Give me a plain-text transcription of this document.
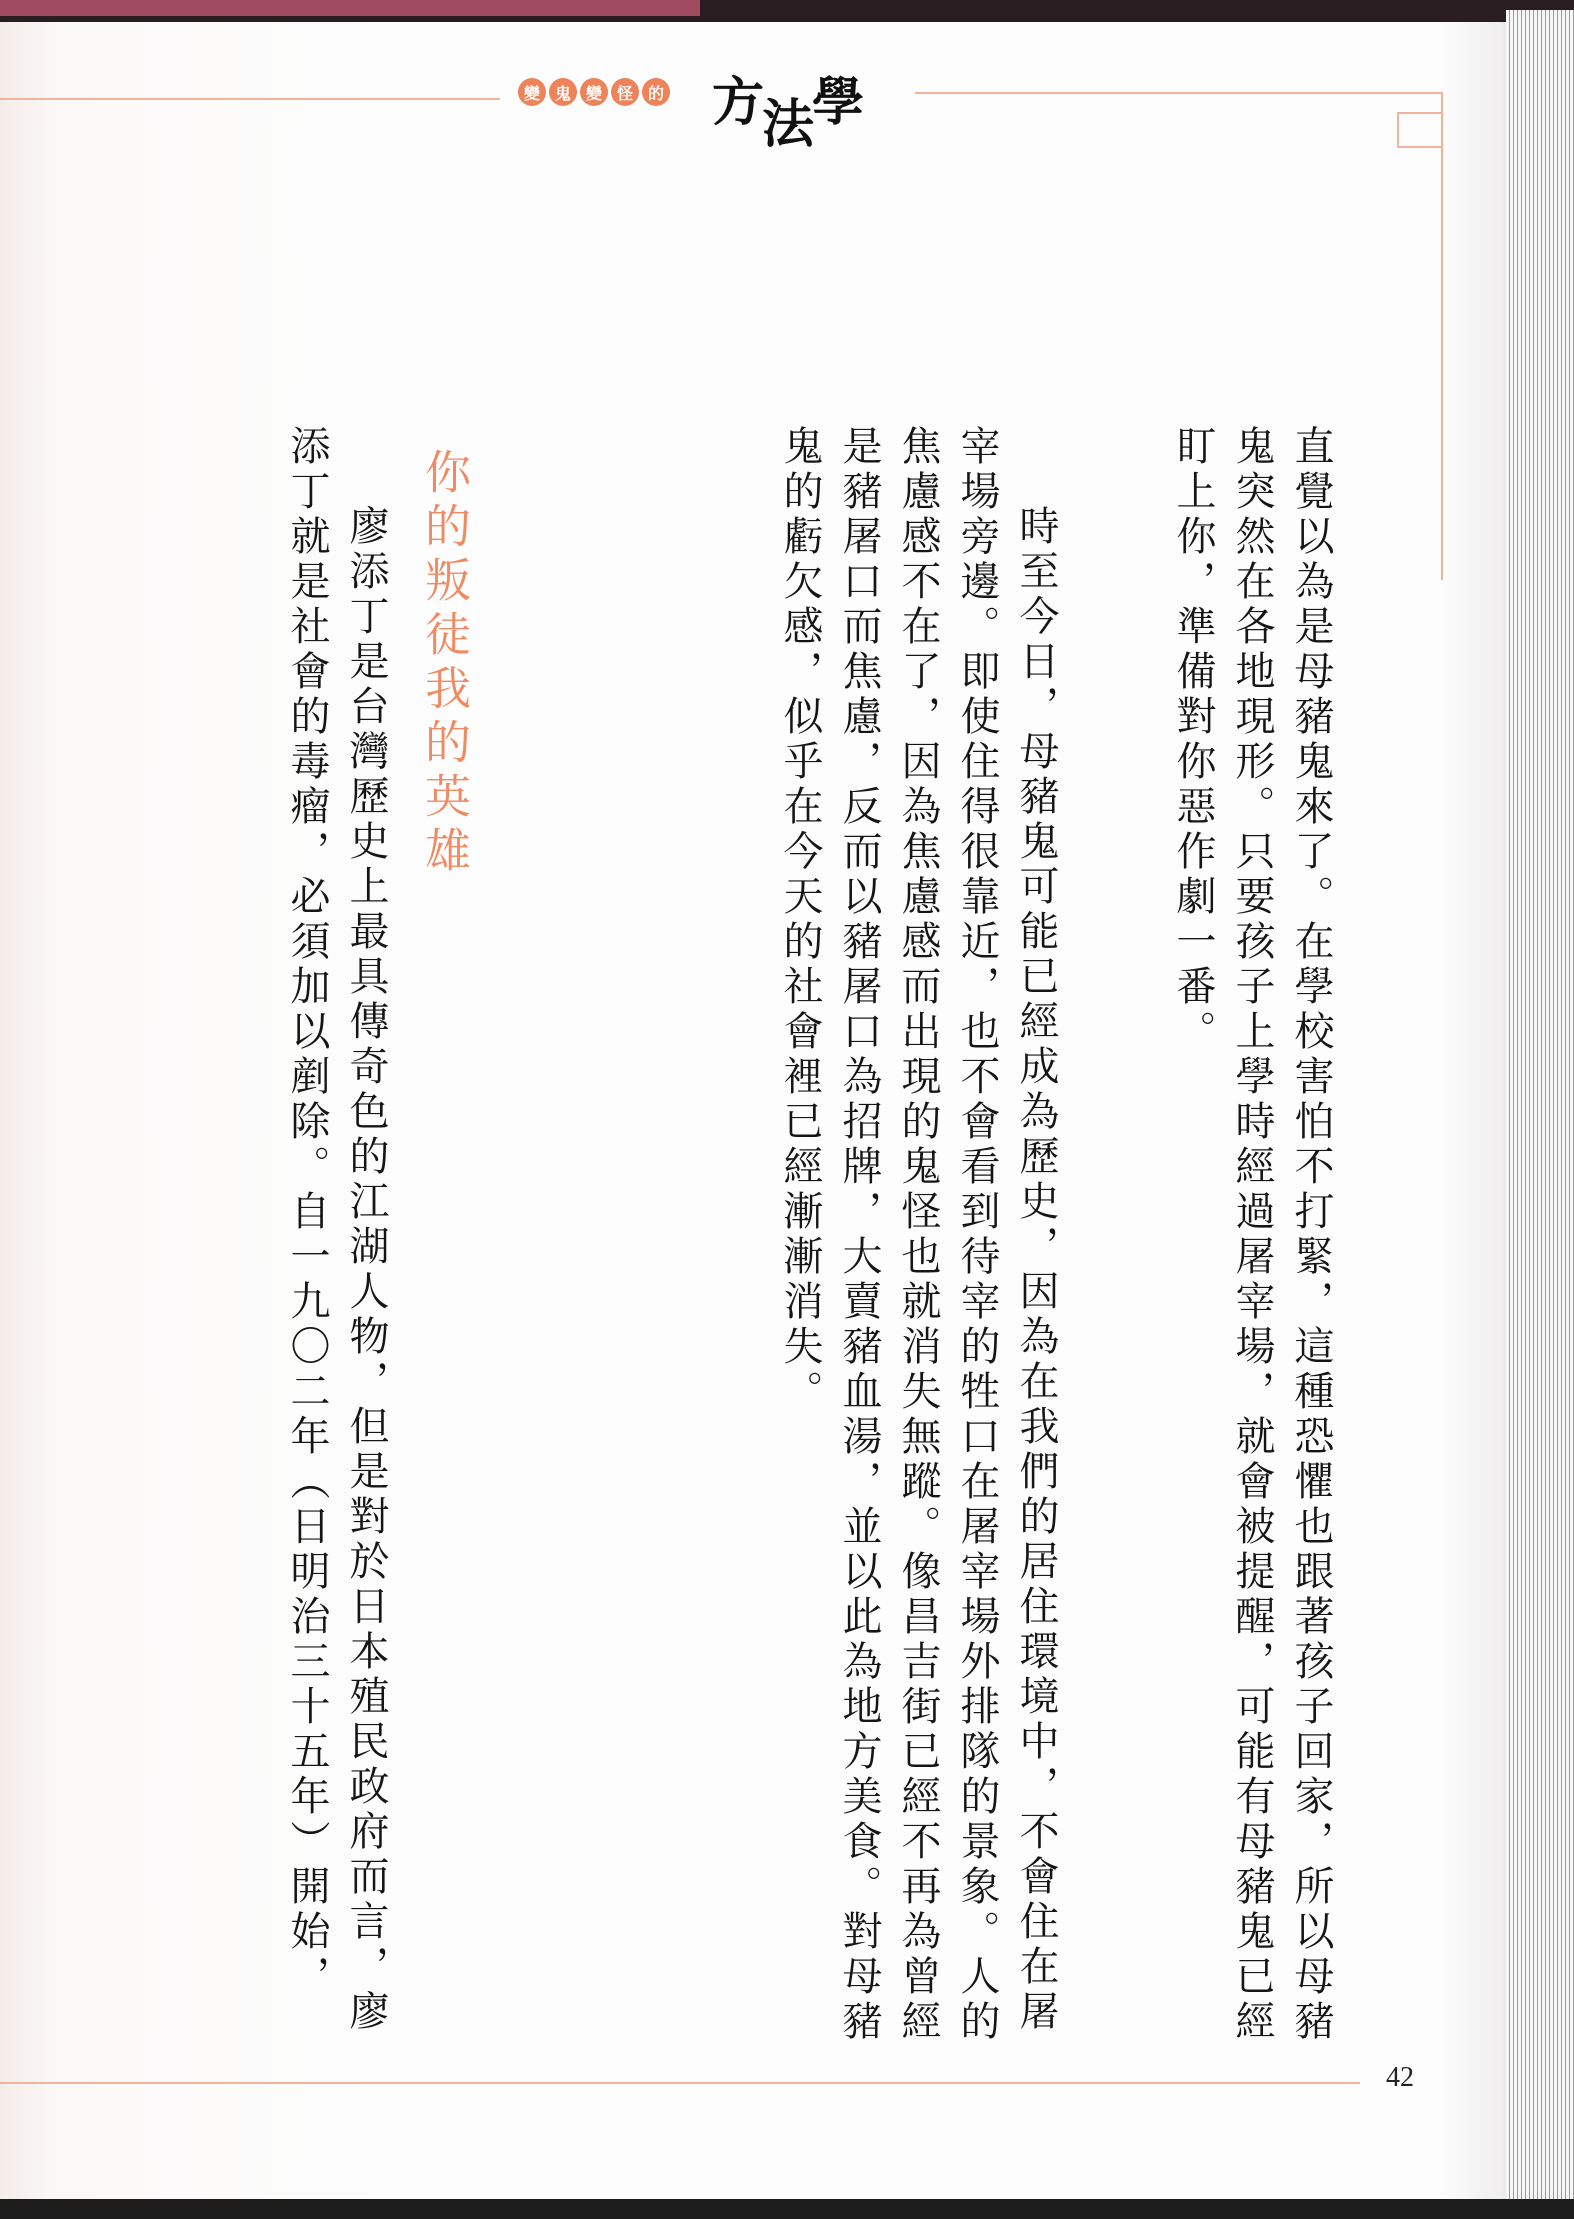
變 鬼 變 怪 的 方法學

直覺以為是母豬鬼來了。在學校害怕不打緊，這種恐懼也跟著孩子回家，所以母豬鬼突然在各地現形。只要孩子上學時經過屠宰場，就會被提醒，可能有母豬鬼已經盯上你，準備對你惡作劇一番。

時至今日，母豬鬼可能已經成為歷史，因為在我們的居住環境中，不會住在屠宰場旁邊。即使住得很靠近，也不會看到待宰的牲口在屠宰場外排隊的景象。人的焦慮感不在了，因為焦慮感而出現的鬼怪也就消失無蹤。像昌吉街已經不再為曾經是豬屠口而焦慮，反而以豬屠口為招牌，大賣豬血湯，並以此為地方美食。對母豬鬼的虧欠感，似乎在今天的社會裡已經漸漸消失。

你的叛徒我的英雄

廖添丁是台灣歷史上最具傳奇色的江湖人物，但是對於日本殖民政府而言，廖添丁就是社會的毒瘤，必須加以剷除。自一九〇二年（日明治三十五年）開始，

42
